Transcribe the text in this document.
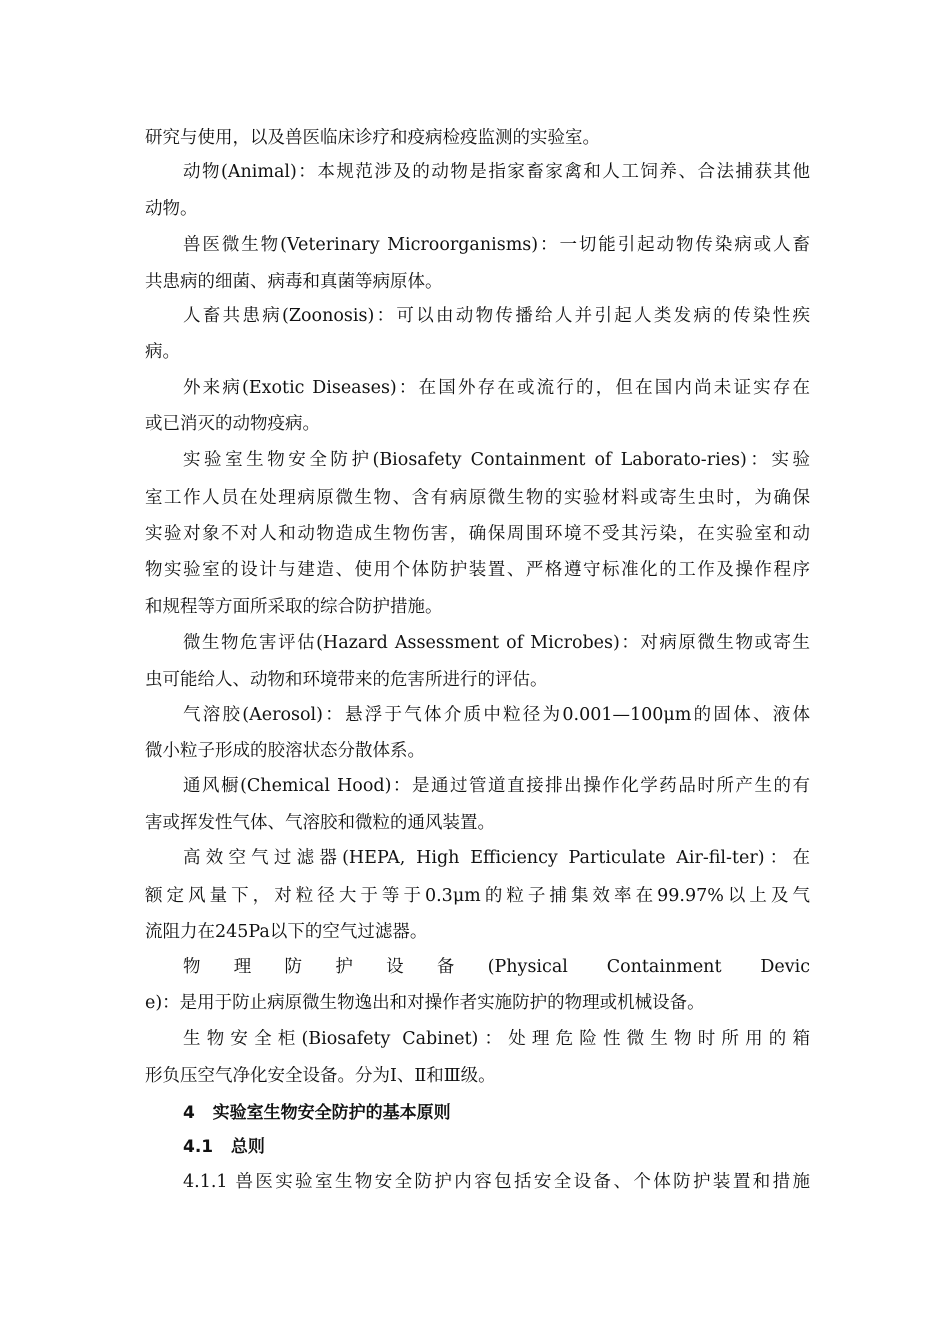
研究与使用，以及兽医临床诊疗和疫病检疫监测的实验室。
动物(Animal)：本规范涉及的动物是指家畜家禽和人工饲养、合法捕获其他
动物。
兽医微生物(Veterinary Microorganisms)：一切能引起动物传染病或人畜
共患病的细菌、病毒和真菌等病原体。
人畜共患病(Zoonosis)：可以由动物传播给人并引起人类发病的传染性疾
病。
外来病(Exotic Diseases)：在国外存在或流行的，但在国内尚未证实存在
或已消灭的动物疫病。
实验室生物安全防护(Biosafety Containment of Laborato-ries)：实验
室工作人员在处理病原微生物、含有病原微生物的实验材料或寄生虫时，为确保
实验对象不对人和动物造成生物伤害，确保周围环境不受其污染，在实验室和动
物实验室的设计与建造、使用个体防护装置、严格遵守标准化的工作及操作程序
和规程等方面所采取的综合防护措施。
微生物危害评估(Hazard Assessment of Microbes)：对病原微生物或寄生
虫可能给人、动物和环境带来的危害所进行的评估。
气溶胶(Aerosol)：悬浮于气体介质中粒径为0.001—100μm的固体、液体
微小粒子形成的胶溶状态分散体系。
通风橱(Chemical Hood)：是通过管道直接排出操作化学药品时所产生的有
害或挥发性气体、气溶胶和微粒的通风装置。
高效空气过滤器(HEPA, High Efficiency Particulate Air-fil-ter)：在
额定风量下，对粒径大于等于0.3μm的粒子捕集效率在99.97%以上及气
流阻力在245Pa以下的空气过滤器。
物理防护设备(Physical Containment Devic
e)：是用于防止病原微生物逸出和对操作者实施防护的物理或机械设备。
生物安全柜(Biosafety Cabinet)：处理危险性微生物时所用的箱
形负压空气净化安全设备。分为Ⅰ、Ⅱ和Ⅲ级。
4   实验室生物安全防护的基本原则
4.1   总则
4.1.1 兽医实验室生物安全防护内容包括安全设备、个体防护装置和措施
